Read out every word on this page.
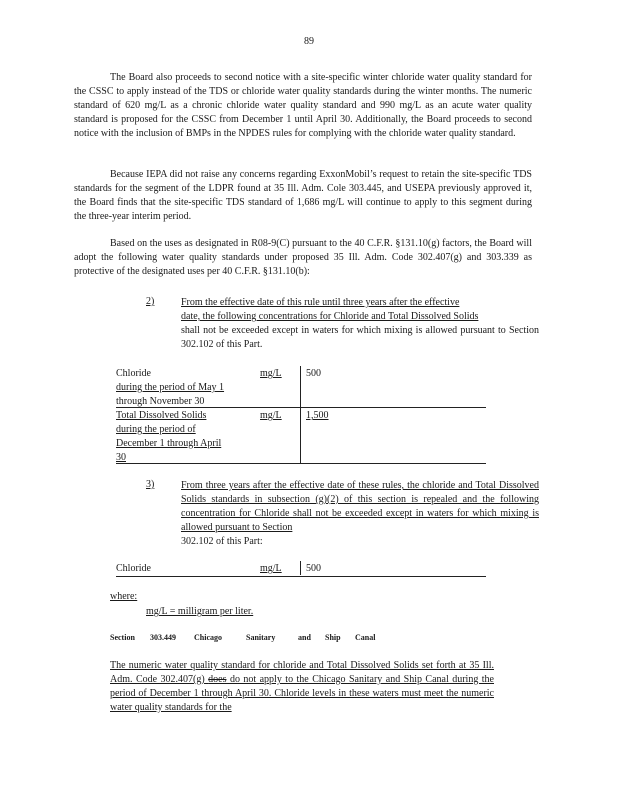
89

The Board also proceeds to second notice with a site-specific winter chloride water quality standard for the CSSC to apply instead of the TDS or chloride water quality standards during the winter months. The numeric standard of 620 mg/L as a chronic chloride water quality standard and 990 mg/L as an acute water quality standard is proposed for the CSSC from December 1 until April 30. Additionally, the Board proceeds to second notice with the inclusion of BMPs in the NPDES rules for complying with the chloride water quality standard.

Because IEPA did not raise any concerns regarding ExxonMobil’s request to retain the site-specific TDS standards for the segment of the LDPR found at 35 Ill. Adm. Cole 303.445, and USEPA previously approved it, the Board finds that the site-specific TDS standard of 1,686 mg/L will continue to apply to this segment during the three-year interim period.

Based on the uses as designated in R08-9(C) pursuant to the 40 C.F.R. §131.10(g) factors, the Board will adopt the following water quality standards under proposed 35 Ill. Adm. Code 302.407(g) and 303.339 as protective of the designated uses per 40 C.F.R. §131.10(b):

2)	From the effective date of this rule until three years after the effective
date, the following concentrations for Chloride and Total Dissolved Solids
shall not be exceeded except in waters for which mixing is allowed pursuant to Section 302.102 of this Part.
Chloride
during the period of May 1
through November 30
mg/L 500
Total Dissolved Solids
during the period of
December 1 through April
30
mg/L 1,500
3)	From three years after the effective date of these rules, the chloride and Total Dissolved Solids standards in subsection (g)(2) of this section is repealed and the following concentration for Chloride shall not be exceeded except in waters for which mixing is allowed pursuant to Section
302.102 of this Part:
Chloride	mg/L 500
where:
mg/L = milligram per liter.
Section 303.449 Chicago	Sanitary	and Ship Canal

The numeric water quality standard for chloride and Total Dissolved Solids set forth at 35 Ill. Adm. Code 302.407(g) does do not apply to the Chicago Sanitary and Ship Canal during the period of December 1 through April 30. Chloride levels in these waters must meet the numeric water quality standards for the
